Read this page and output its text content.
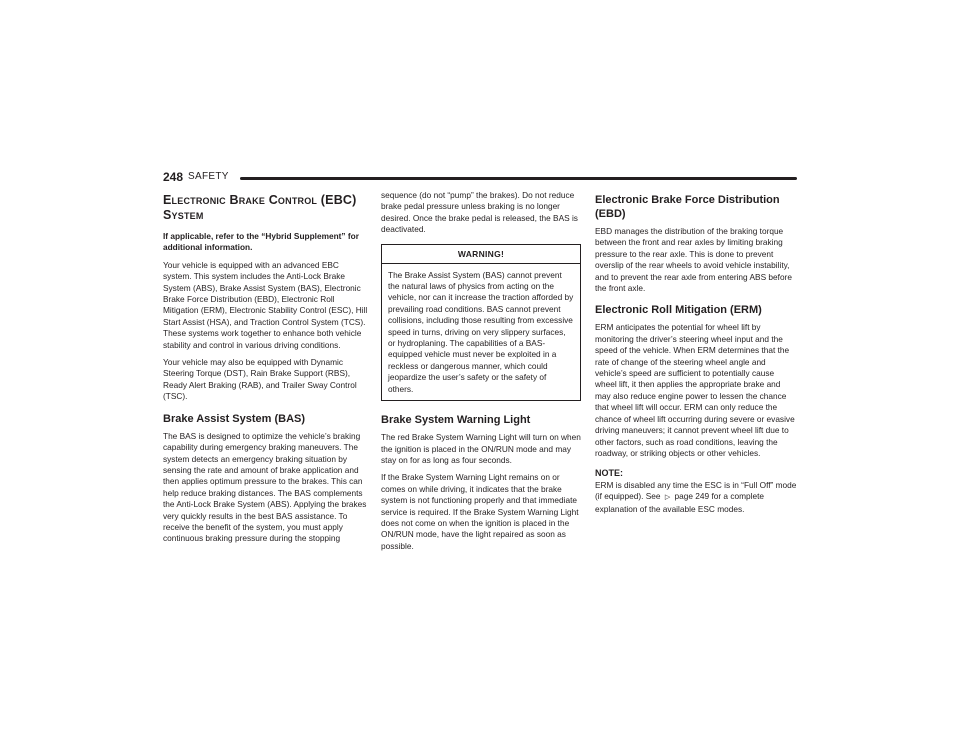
248 SAFETY
Electronic Brake Control (EBC) System

If applicable, refer to the “Hybrid Supplement” for additional information.

Your vehicle is equipped with an advanced EBC system. This system includes the Anti-Lock Brake System (ABS), Brake Assist System (BAS), Electronic Brake Force Distribution (EBD), Electronic Roll Mitigation (ERM), Electronic Stability Control (ESC), Hill Start Assist (HSA), and Traction Control System (TCS). These systems work together to enhance both vehicle stability and control in various driving conditions.

Your vehicle may also be equipped with Dynamic Steering Torque (DST), Rain Brake Support (RBS), Ready Alert Braking (RAB), and Trailer Sway Control (TSC).

Brake Assist System (BAS)

The BAS is designed to optimize the vehicle’s braking capability during emergency braking maneuvers. The system detects an emergency braking situation by sensing the rate and amount of brake application and then applies optimum pressure to the brakes. This can help reduce braking distances. The BAS complements the Anti-Lock Brake System (ABS). Applying the brakes very quickly results in the best BAS assistance. To receive the benefit of the system, you must apply continuous braking pressure during the stopping

sequence (do not “pump” the brakes). Do not reduce brake pedal pressure unless braking is no longer desired. Once the brake pedal is released, the BAS is deactivated.

WARNING!
The Brake Assist System (BAS) cannot prevent the natural laws of physics from acting on the vehicle, nor can it increase the traction afforded by prevailing road conditions. BAS cannot prevent collisions, including those resulting from excessive speed in turns, driving on very slippery surfaces, or hydroplaning. The capabilities of a BAS-equipped vehicle must never be exploited in a reckless or dangerous manner, which could jeopardize the user’s safety or the safety of others.
Brake System Warning Light

The red Brake System Warning Light will turn on when the ignition is placed in the ON/RUN mode and may stay on for as long as four seconds.

If the Brake System Warning Light remains on or comes on while driving, it indicates that the brake system is not functioning properly and that immediate service is required. If the Brake System Warning Light does not come on when the ignition is placed in the ON/RUN mode, have the light repaired as soon as possible.

Electronic Brake Force Distribution (EBD)

EBD manages the distribution of the braking torque between the front and rear axles by limiting braking pressure to the rear axle. This is done to prevent overslip of the rear wheels to avoid vehicle instability, and to prevent the rear axle from entering ABS before the front axle.

Electronic Roll Mitigation (ERM)

ERM anticipates the potential for wheel lift by monitoring the driver’s steering wheel input and the speed of the vehicle. When ERM determines that the rate of change of the steering wheel angle and vehicle’s speed are sufficient to potentially cause wheel lift, it then applies the appropriate brake and may also reduce engine power to lessen the chance that wheel lift will occur. ERM can only reduce the chance of wheel lift occurring during severe or evasive driving maneuvers; it cannot prevent wheel lift due to other factors, such as road conditions, leaving the roadway, or striking objects or other vehicles.

NOTE:

ERM is disabled any time the ESC is in “Full Off” mode (if equipped). See ▷ page 249 for a complete explanation of the available ESC modes.
